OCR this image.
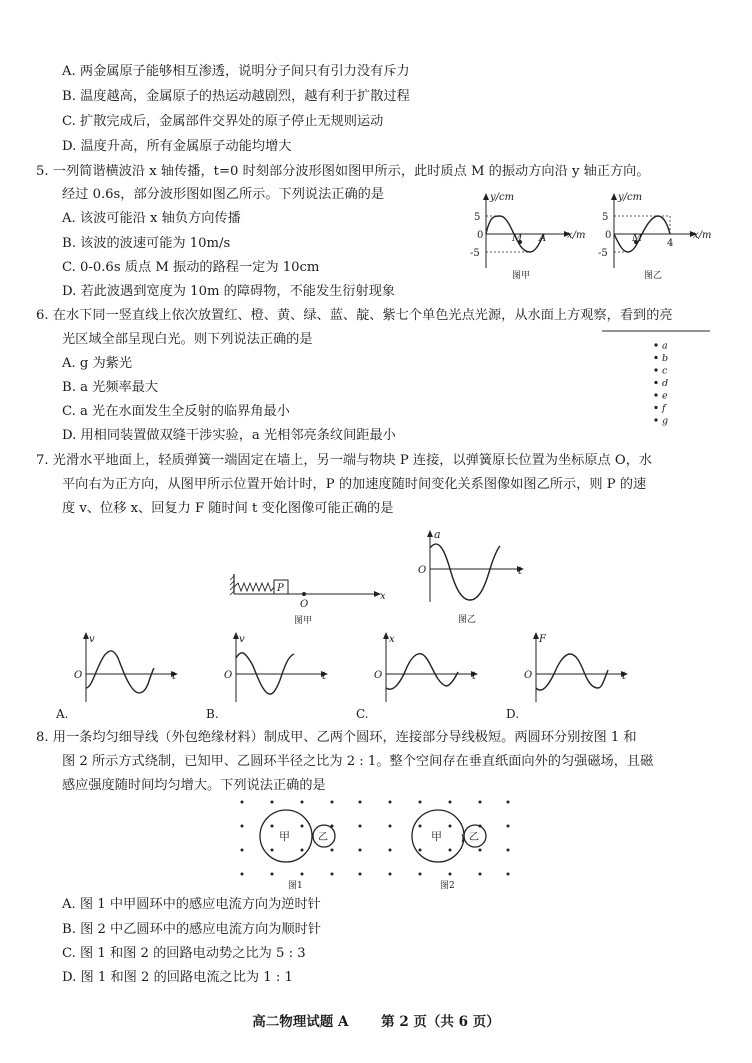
A. 两金属原子能够相互渗透，说明分子间只有引力没有斥力
B. 温度越高，金属原子的热运动越剧烈，越有利于扩散过程
C. 扩散完成后，金属部件交界处的原子停止无规则运动
D. 温度升高，所有金属原子动能均增大
5. 一列简谐横波沿 x 轴传播，t=0 时刻部分波形图如图甲所示，此时质点 M 的振动方向沿 y 轴正方向。
经过 0.6s，部分波形图如图乙所示。下列说法正确的是
A. 该波可能沿 x 轴负方向传播
B. 该波的波速可能为 10m/s
C. 0-0.6s 质点 M 振动的路程一定为 10cm
D. 若此波遇到宽度为 10m 的障碍物，不能发生衍射现象
y/cm
5
0
-5
M A x/m
图甲
y/cm
5
0
-5
M 4
x/m
图乙
6. 在水下同一竖直线上依次放置红、橙、黄、绿、蓝、靛、紫七个单色光点光源，从水面上方观察，看到的亮
光区域全部呈现白光。则下列说法正确的是
A. g 为紫光
B. a 光频率最大
C. a 光在水面发生全反射的临界角最小
D. 用相同装置做双缝干涉实验，a 光相邻亮条纹间距最小
a
b
c
d
e
f
g
7. 光滑水平地面上，轻质弹簧一端固定在墙上，另一端与物块 P 连接，以弹簧原长位置为坐标原点 O，水
平向右为正方向，从图甲所示位置开始计时，P 的加速度随时间变化关系图像如图乙所示，则 P 的速
度 v、位移 x、回复力 F 随时间 t 变化图像可能正确的是
P
O
x
图甲
a
O	t
图乙
v
O	t
A.
v
O	t
B.
x
O	t
C.
F
O	t
D.
8. 用一条均匀细导线（外包绝缘材料）制成甲、乙两个圆环，连接部分导线极短。两圆环分别按图 1 和
图 2 所示方式绕制，已知甲、乙圆环半径之比为 2 : 1。整个空间存在垂直纸面向外的匀强磁场，且磁
感应强度随时间均匀增大。下列说法正确的是
甲	乙
图1
甲	乙
图2
A. 图 1 中甲圆环中的感应电流方向为逆时针
B. 图 2 中乙圆环中的感应电流方向为顺时针
C. 图 1 和图 2 的回路电动势之比为 5 : 3
D. 图 1 和图 2 的回路电流之比为 1 : 1
高二物理试题 A 第 2 页（共 6 页）
